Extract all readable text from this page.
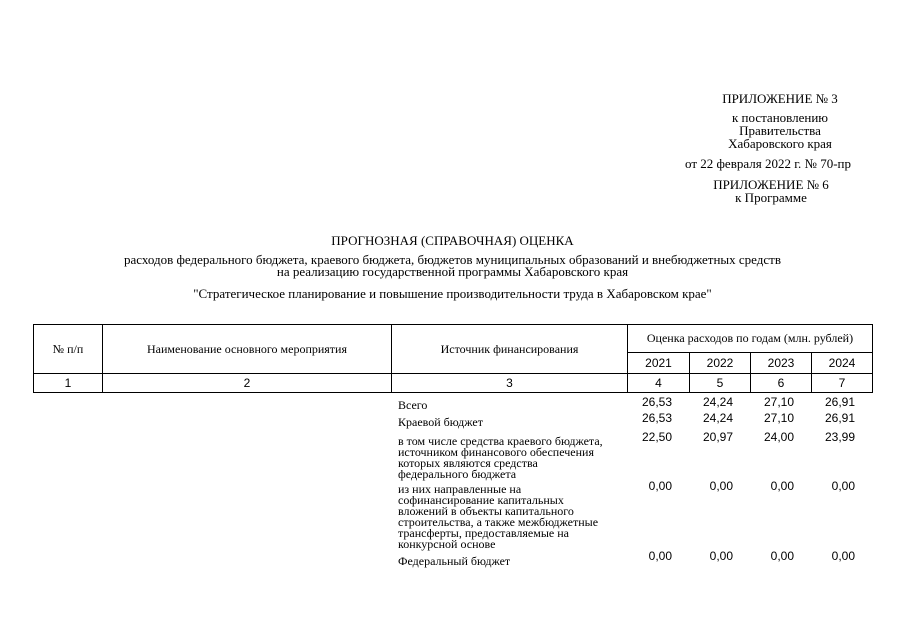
ПРИЛОЖЕНИЕ № 3
к постановлению
Правительства
Хабаровского края
от 22 февраля 2022 г. № 70-пр
ПРИЛОЖЕНИЕ № 6
к Программе
ПРОГНОЗНАЯ (СПРАВОЧНАЯ) ОЦЕНКА
расходов федерального бюджета, краевого бюджета, бюджетов муниципальных образований и внебюджетных средств
на реализацию государственной программы Хабаровского края
"Стратегическое планирование и повышение производительности труда в Хабаровском крае"
№ п/п	Наименование основного мероприятия	Источник финансирования	Оценка расходов по годам (млн. рублей)			
			2021	2022	2023	2024
1	2	3	4	5	6	7
Всего	26,53	24,24	27,10	26,91
Краевой бюджет	26,53	24,24	27,10	26,91
в том числе средства краевого бюджета,
источником финансового обеспечения
которых являются средства
федерального бюджета
22,50	20,97	24,00	23,99
из них направленные на
софинансирование капитальных
вложений в объекты капитального
строительства, а также межбюджетные
трансферты, предоставляемые на
конкурсной основе
0,00	0,00	0,00	0,00
Федеральный бюджет	0,00	0,00	0,00	0,00
